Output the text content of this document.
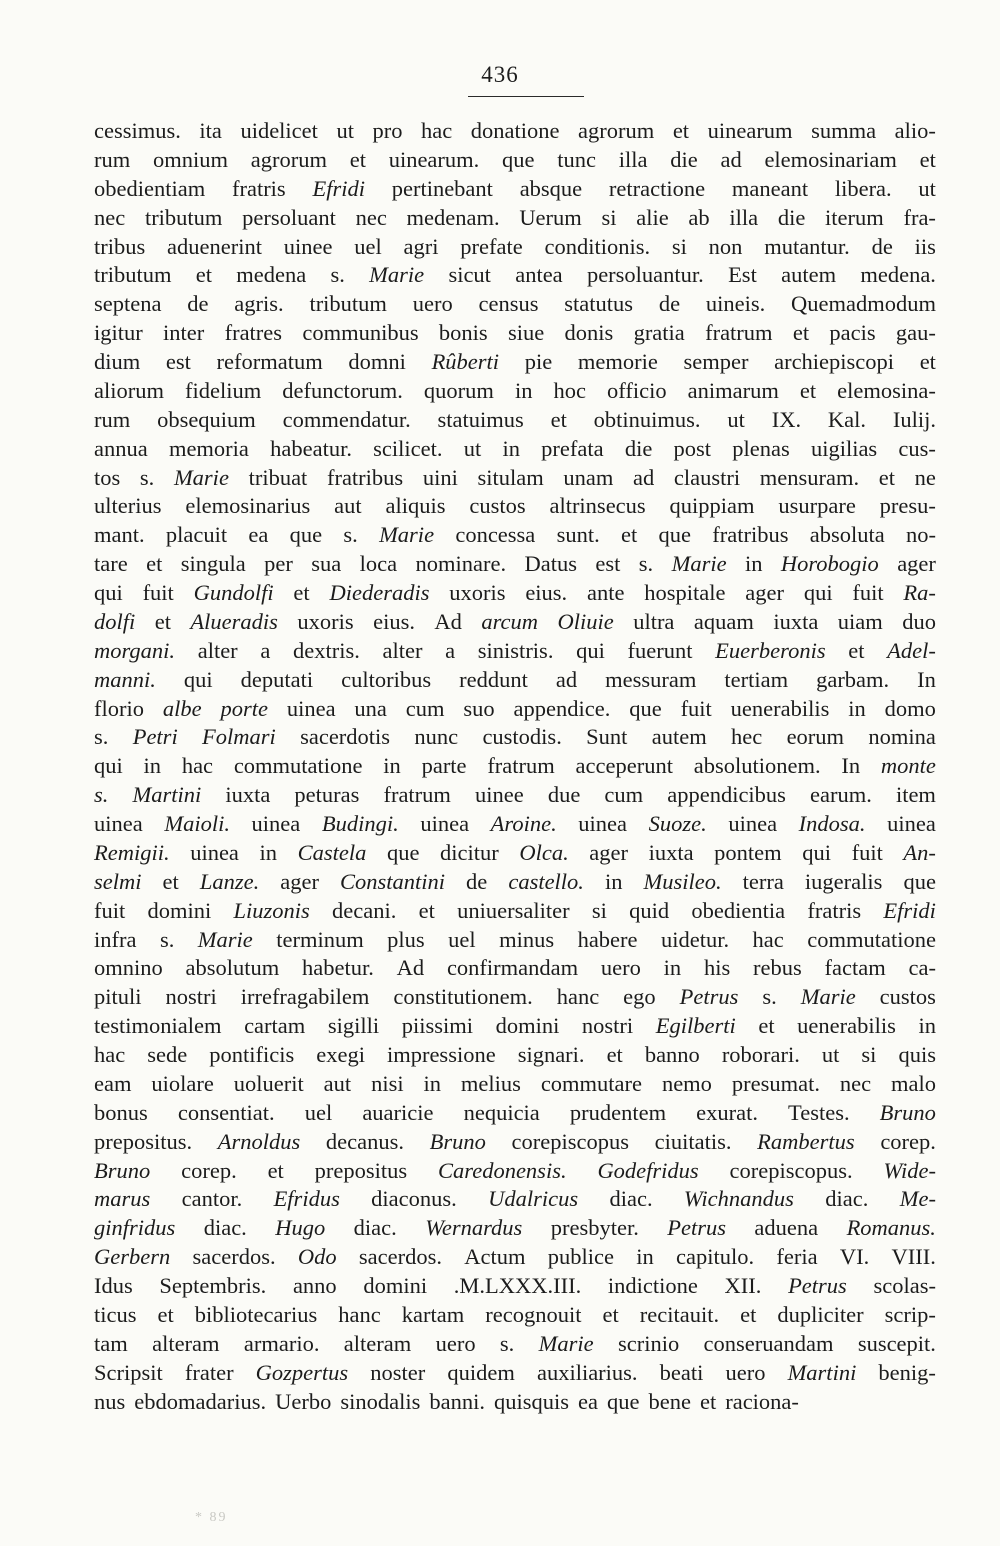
436
cessimus. ita uidelicet ut pro hac donatione agrorum et uinearum summa alio-
rum omnium agrorum et uinearum. que tunc illa die ad elemosinariam et
obedientiam fratris Efridi pertinebant absque retractione maneant libera. ut
nec tributum persoluant nec medenam. Uerum si alie ab illa die iterum fra-
tribus aduenerint uinee uel agri prefate conditionis. si non mutantur. de iis
tributum et medena s. Marie sicut antea persoluantur. Est autem medena.
septena de agris. tributum uero census statutus de uineis. Quemadmodum
igitur inter fratres communibus bonis siue donis gratia fratrum et pacis gau-
dium est reformatum domni Rûberti pie memorie semper archiepiscopi et
aliorum fidelium defunctorum. quorum in hoc officio animarum et elemosina-
rum obsequium commendatur. statuimus et obtinuimus. ut IX. Kal. Iulij.
annua memoria habeatur. scilicet. ut in prefata die post plenas uigilias cus-
tos s. Marie tribuat fratribus uini situlam unam ad claustri mensuram. et ne
ulterius elemosinarius aut aliquis custos altrinsecus quippiam usurpare presu-
mant. placuit ea que s. Marie concessa sunt. et que fratribus absoluta no-
tare et singula per sua loca nominare. Datus est s. Marie in Horobogio ager
qui fuit Gundolfi et Diederadis uxoris eius. ante hospitale ager qui fuit Ra-
dolfi et Alueradis uxoris eius. Ad arcum Oliuie ultra aquam iuxta uiam duo
morgani. alter a dextris. alter a sinistris. qui fuerunt Euerberonis et Adel-
manni. qui deputati cultoribus reddunt ad messuram tertiam garbam. In
florio albe porte uinea una cum suo appendice. que fuit uenerabilis in domo
s. Petri Folmari sacerdotis nunc custodis. Sunt autem hec eorum nomina
qui in hac commutatione in parte fratrum acceperunt absolutionem. In monte
s. Martini iuxta peturas fratrum uinee due cum appendicibus earum. item
uinea Maioli. uinea Budingi. uinea Aroine. uinea Suoze. uinea Indosa. uinea
Remigii. uinea in Castela que dicitur Olca. ager iuxta pontem qui fuit An-
selmi et Lanze. ager Constantini de castello. in Musileo. terra iugeralis que
fuit domini Liuzonis decani. et uniuersaliter si quid obedientia fratris Efridi
infra s. Marie terminum plus uel minus habere uidetur. hac commutatione
omnino absolutum habetur. Ad confirmandam uero in his rebus factam ca-
pituli nostri irrefragabilem constitutionem. hanc ego Petrus s. Marie custos
testimonialem cartam sigilli piissimi domini nostri Egilberti et uenerabilis in
hac sede pontificis exegi impressione signari. et banno roborari. ut si quis
eam uiolare uoluerit aut nisi in melius commutare nemo presumat. nec malo
bonus consentiat. uel auaricie nequicia prudentem exurat. Testes. Bruno
prepositus. Arnoldus decanus. Bruno corepiscopus ciuitatis. Rambertus corep.
Bruno corep. et prepositus Caredonensis. Godefridus corepiscopus. Wide-
marus cantor. Efridus diaconus. Udalricus diac. Wichnandus diac. Me-
ginfridus diac. Hugo diac. Wernardus presbyter. Petrus aduena Romanus.
Gerbern sacerdos. Odo sacerdos. Actum publice in capitulo. feria VI. VIII.
Idus Septembris. anno domini .M.LXXX.III. indictione XII. Petrus scolas-
ticus et bibliotecarius hanc kartam recognouit et recitauit. et dupliciter scrip-
tam alteram armario. alteram uero s. Marie scrinio conseruandam suscepit.
Scripsit frater Gozpertus noster quidem auxiliarius. beati uero Martini benig-
nus ebdomadarius. Uerbo sinodalis banni. quisquis ea que bene et raciona-
* 89
